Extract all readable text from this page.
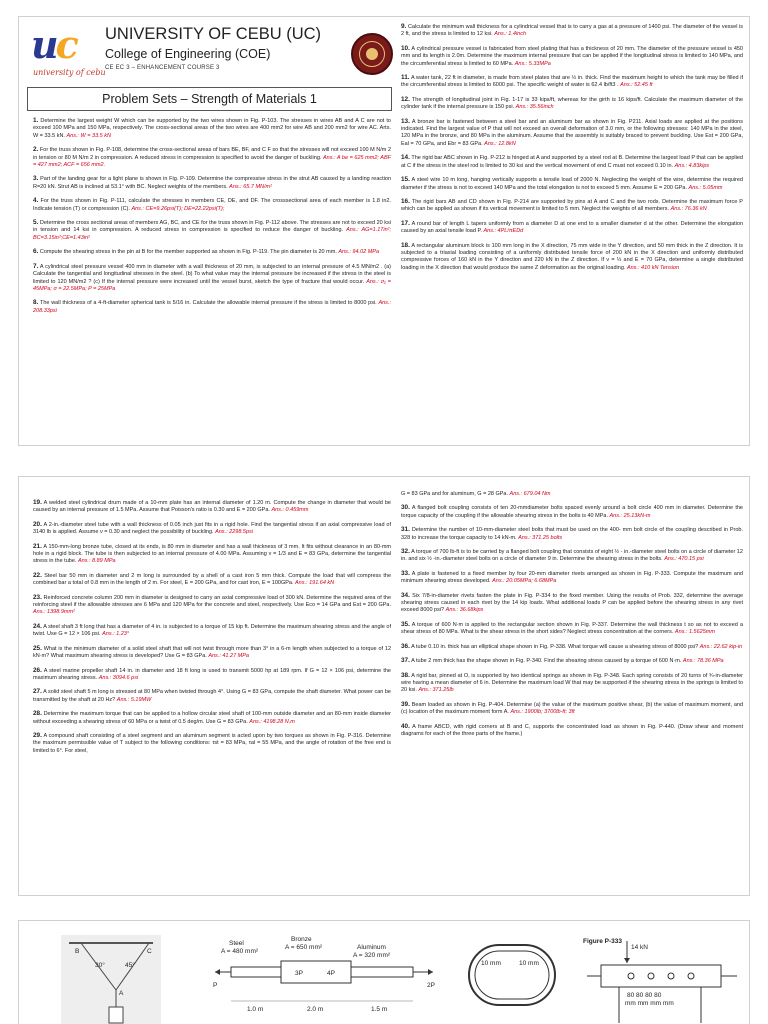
uc
university of cebu
UNIVERSITY OF CEBU (UC)
College of Engineering (COE)
CE EC 3 – ENHANCEMENT COURSE 3
Problem Sets – Strength of Materials 1

1. Determine the largest weight W which can be supported by the two wires shown in Fig. P-103. The stresses in wires AB and A C are not to exceed 100 MPa and 150 MPa, respectively. The cross-sectional areas of the two wires are 400 mm2 for wire AB and 200 mm2 for wire AC. Arts. W = 33.5 kN. Ans.: W = 33.5 kN

2. For the truss shown in Fig. P-108, determine the cross-sectional areas of bars BE, BF, and C F so that the stresses will not exceed 100 M N/m 2 in tension or 80 M N/m 2 in compression. A reduced stress in compression is specified to avoid the danger of buckling. Ans.: A be = 625 mm2; ABF = 427 mm2; ACF = 656 mm2.

3. Part of the landing gear for a light plane is shown in Fig. P-109. Determine the compressive stress in the strut AB caused by a landing reaction R=20 kN. Strut AB is inclined at 53.1° with BC. Neglect weights of the members. Ans.: 65.7 MN/m²

4. For the truss shown in Fig. P-111, calculate the stresses in members CE, DE, and DF. The crosssectional area of each member is 1.8 in2. Indicate tension (T) or compression (C). Ans.: CE=9.26psi(T); DE=22.22psi(T);

5. Determine the cross sectional areas of members AG, BC, and CE for the truss shown in Fig. P-112 above. The stresses are not to exceed 20 ksi in tension and 14 ksi in compression. A reduced stress in compression is specified to reduce the danger of buckling. Ans.: AG=1.17in²; BC=3.15in²;CE=1.43in²

6. Compute the shearing stress in the pin at B for the member supported as shown in Fig. P-119. The pin diameter is 20 mm. Ans.: 94.02 MPa

7. A cylindrical steel pressure vessel 400 mm in diameter with a wall thickness of 20 mm, is subjected to an internal pressure of 4.5 MN/m2 . (a) Calculate the tangential and longitudinal stresses in the steel. (b) To what value may the internal pressure be increased if the stress in the steel is limited to 120 MN/m2 ? (c) If the internal pressure were increased until the vessel burst, sketch the type of fracture that would occur. Ans.: σ₁ = 45MPa; σ = 22.5MPa; P = 25MPa

8. The wall thickness of a 4-ft-diameter spherical tank is 5/16 in. Calculate the allowable internal pressure if the stress is limited to 8000 psi. Ans.: 208.33psi

9. Calculate the minimum wall thickness for a cylindrical vessel that is to carry a gas at a pressure of 1400 psi. The diameter of the vessel is 2 ft, and the stress is limited to 12 ksi. Ans.: 1.4inch

10. A cylindrical pressure vessel is fabricated from steel plating that has a thickness of 20 mm. The diameter of the pressure vessel is 450 mm and its length is 2.0m. Determine the maximum internal pressure that can be applied if the longitudinal stress is limited to 140 MPa, and the circumferential stress is limited to 60 MPa. Ans.: 5.33MPa

11. A water tank, 22 ft in diameter, is made from steel plates that are ½ in. thick. Find the maximum height to which the tank may be filled if the circumferential stress is limited to 6000 psi. The specific weight of water is 62.4 lb/ft3 . Ans.: 52.45 ft

12. The strength of longitudinal joint in Fig. 1-17 is 33 kips/ft, whereas for the girth is 16 kips/ft. Calculate the maximum diameter of the cylinder tank if the internal pressure is 150 psi. Ans.: 35.56inch

13. A bronze bar is fastened between a steel bar and an aluminum bar as shown in Fig. P211. Axial loads are applied at the positions indicated. Find the largest value of P that will not exceed an overall deformation of 3.0 mm, or the following stresses: 140 MPa in the steel, 120 MPa in the bronze, and 80 MPa in the aluminum. Assume that the assembly is suitably braced to prevent buckling. Use Est = 200 GPa, Eal = 70 GPa, and Ebr = 83 GPa. Ans.: 12.8kN

14. The rigid bar ABC shown in Fig. P-212 is hinged at A and supported by a steel rod at B. Determine the largest load P that can be applied at C if the stress in the steel rod is limited to 30 ksi and the vertical movement of end C must not exceed 0.10 in. Ans.: 4.83kips

15. A steel wire 10 m long, hanging vertically supports a tensile load of 2000 N. Neglecting the weight of the wire, determine the required diameter if the stress is not to exceed 140 MPa and the total elongation is not to exceed 5 mm. Assume E = 200 GPa. Ans.: 5.05mm

16. The rigid bars AB and CD shown in Fig. P-214 are supported by pins at A and C and the two rods. Determine the maximum force P which can be applied as shown if its vertical movement is limited to 5 mm. Neglect the weights of all members. Ans.: 76.36 kN

17. A round bar of length L tapers uniformly from a diameter D at one end to a smaller diameter d at the other. Determine the elongation caused by an axial tensile load P. Ans.: 4PL/πEDd

18. A rectangular aluminum block is 100 mm long in the X direction, 75 mm wide in the Y direction, and 50 mm thick in the Z direction. It is subjected to a triaxial loading consisting of a uniformly distributed tensile force of 200 kN in the X direction and uniformly distributed compressive forces of 160 kN in the Y direction and 220 kN in the Z direction. If ν = ⅓ and E = 70 GPa, determine a single distributed loading in the X direction that would produce the same Z deformation as the original loading. Ans.: 410 kN Tension

19. A welded steel cylindrical drum made of a 10-mm plate has an internal diameter of 1.20 m. Compute the change in diameter that would be caused by an internal pressure of 1.5 MPa. Assume that Poisson's ratio is 0.30 and E = 200 GPa. Ans.: 0.459mm

20. A 2-in.-diameter steel tube with a wall thickness of 0.05 inch just fits in a rigid hole. Find the tangential stress if an axial compressive load of 3140 lb is applied. Assume ν = 0.30 and neglect the possibility of buckling. Ans.: 2298.5psi

21. A 150-mm-long bronze tube, closed at its ends, is 80 mm in diameter and has a wall thickness of 3 mm. It fits without clearance in an 80-mm hole in a rigid block. The tube is then subjected to an internal pressure of 4.00 MPa. Assuming ν = 1/3 and E = 83 GPa, determine the tangential stress in the tube. Ans.: 8.89 MPa

22. Steel bar 50 mm in diameter and 2 m long is surrounded by a shell of a cast iron 5 mm thick. Compute the load that will compress the combined bar a total of 0.8 mm in the length of 2 m. For steel, E = 200 GPa, and for cast iron, E = 100GPa. Ans.: 191.64 kN

23. Reinforced concrete column 200 mm in diameter is designed to carry an axial compressive load of 300 kN. Determine the required area of the reinforcing steel if the allowable stresses are 6 MPa and 120 MPa for the concrete and steel, respectively. Use Eco = 14 GPa and Est = 200 GPa. Ans.: 1398.9mm²

24. A steel shaft 3 ft long that has a diameter of 4 in. is subjected to a torque of 15 kip ft. Determine the maximum shearing stress and the angle of twist. Use G = 12 × 106 psi. Ans.: 1.23°

25. What is the minimum diameter of a solid steel shaft that will not twist through more than 3° in a 6-m length when subjected to a torque of 12 kN·m? What maximum shearing stress is developed? Use G = 83 GPa. Ans.: 41.27 MPa

26. A steel marine propeller shaft 14 in. in diameter and 18 ft long is used to transmit 5000 hp at 189 rpm. If G = 12 × 106 psi, determine the maximum shearing stress. Ans.: 3094.6 psi

27. A solid steel shaft 5 m long is stressed at 80 MPa when twisted through 4°. Using G = 83 GPa, compute the shaft diameter. What power can be transmitted by the shaft at 20 Hz? Ans.: 5.19MW

28. Determine the maximum torque that can be applied to a hollow circular steel shaft of 100-mm outside diameter and an 80-mm inside diameter without exceeding a shearing stress of 60 MPa or a twist of 0.5 deg/m. Use G = 83 GPa. Ans.: 4198.28 N.m

29. A compound shaft consisting of a steel segment and an aluminum segment is acted upon by two torques as shown in Fig. P-316. Determine the maximum permissible value of T subject to the following conditions: τst = 83 MPa, τal = 55 MPa, and the angle of rotation of the free end is limited to 6°. For steel,

G = 83 GPa and for aluminum, G = 28 GPa. Ans.: 679.04 Nm

30. A flanged bolt coupling consists of ten 20-mmdiameter bolts spaced evenly around a bolt circle 400 mm in diameter. Determine the torque capacity of the coupling if the allowable shearing stress in the bolts is 40 MPa. Ans.: 25.13kN-m

31. Determine the number of 10-mm-diameter steel bolts that must be used on the 400- mm bolt circle of the coupling described in Prob. 328 to increase the torque capacity to 14 kN-m. Ans.: 371.25 bolts

32. A torque of 700 lb-ft is to be carried by a flanged bolt coupling that consists of eight ½ - in.-diameter steel bolts on a circle of diameter 12 in. and six ½ -in.-diameter steel bolts on a circle of diameter 9 in. Determine the shearing stress in the bolts. Ans.: 470.15 psi

33. A plate is fastened to a fixed member by four 20-mm diameter rivets arranged as shown in Fig. P-333. Compute the maximum and minimum shearing stress developed. Ans.: 20.05MPa; 6.68MPa

34. Six 7/8-in-diameter rivets fasten the plate in Fig. P-334 to the fixed member. Using the results of Prob. 332, determine the average shearing stress caused in each rivet by the 14 kip loads. What additional loads P can be applied before the shearing stress in any rivet exceed 8000 psi? Ans.: 36.68kips

35. A torque of 600 N·m is applied to the rectangular section shown in Fig. P-337. Determine the wall thickness t so as not to exceed a shear stress of 80 MPa. What is the shear stress in the short sides? Neglect stress concentration at the corners. Ans.: 1.5625mm

36. A tube 0.10 in. thick has an elliptical shape shown in Fig. P-338. What torque will cause a shearing stress of 8000 psi? Ans.: 22.62 kip-in

37. A tube 2 mm thick has the shape shown in Fig. P-340. Find the shearing stress caused by a torque of 600 N·m. Ans.: 78.36 MPa

38. A rigid bar, pinned at O, is supported by two identical springs as shown in Fig. P-348. Each spring consists of 20 turns of ¾-in-diameter wire having a mean diameter of 6 in. Determine the maximum load W that may be supported if the shearing stress in the springs is limited to 20 ksi. Ans.: 371.25lb

39. Beam loaded as shown in Fig. P-404. Determine (a) the value of the maximum positive shear, (b) the value of maximum moment, and (c) location of the maximum moment form A. Ans.: 1900lb; 3700lb-ft; 3ft

40. A frame ABCD, with rigid corners at B and C, supports the concentrated load as shown in Fig. P-440. (Draw shear and moment diagrams for each of the three parts of the frame.)

B	C
30°	45°
A
Steel
A = 480 mm²
Bronze
A = 650 mm²	Aluminum
A = 320 mm²
P
3P	4P
2P
1.0 m	2.0 m	1.5 m
10 mm	10 mm
Figure P-333
14 kN
80 80 80 80
mm mm mm mm
